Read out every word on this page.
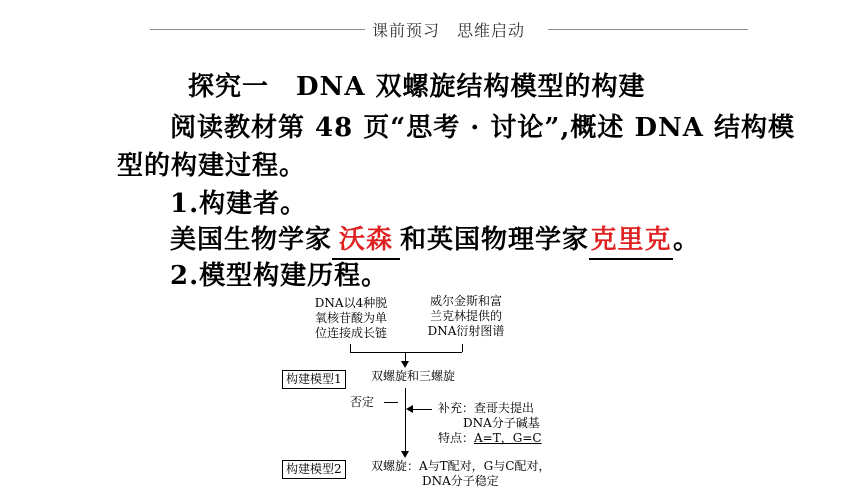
课前预习　思维启动
探究一　DNA 双螺旋结构模型的构建
阅读教材第 48 页“思考 · 讨论”,概述 DNA 结构模
型的构建过程。
1.构建者。
美国生物学家 沃森 和英国物理学家克里克。
2.模型构建历程。
DNA以4种脱
氧核苷酸为单
位连接成长链
威尔金斯和富
兰克林提供的
DNA衍射图谱
构建模型1	双螺旋和三螺旋
否定	补充：查哥夫提出
DNA分子碱基
特点：A=T，G=C
构建模型2	双螺旋：A与T配对，G与C配对，
DNA分子稳定
